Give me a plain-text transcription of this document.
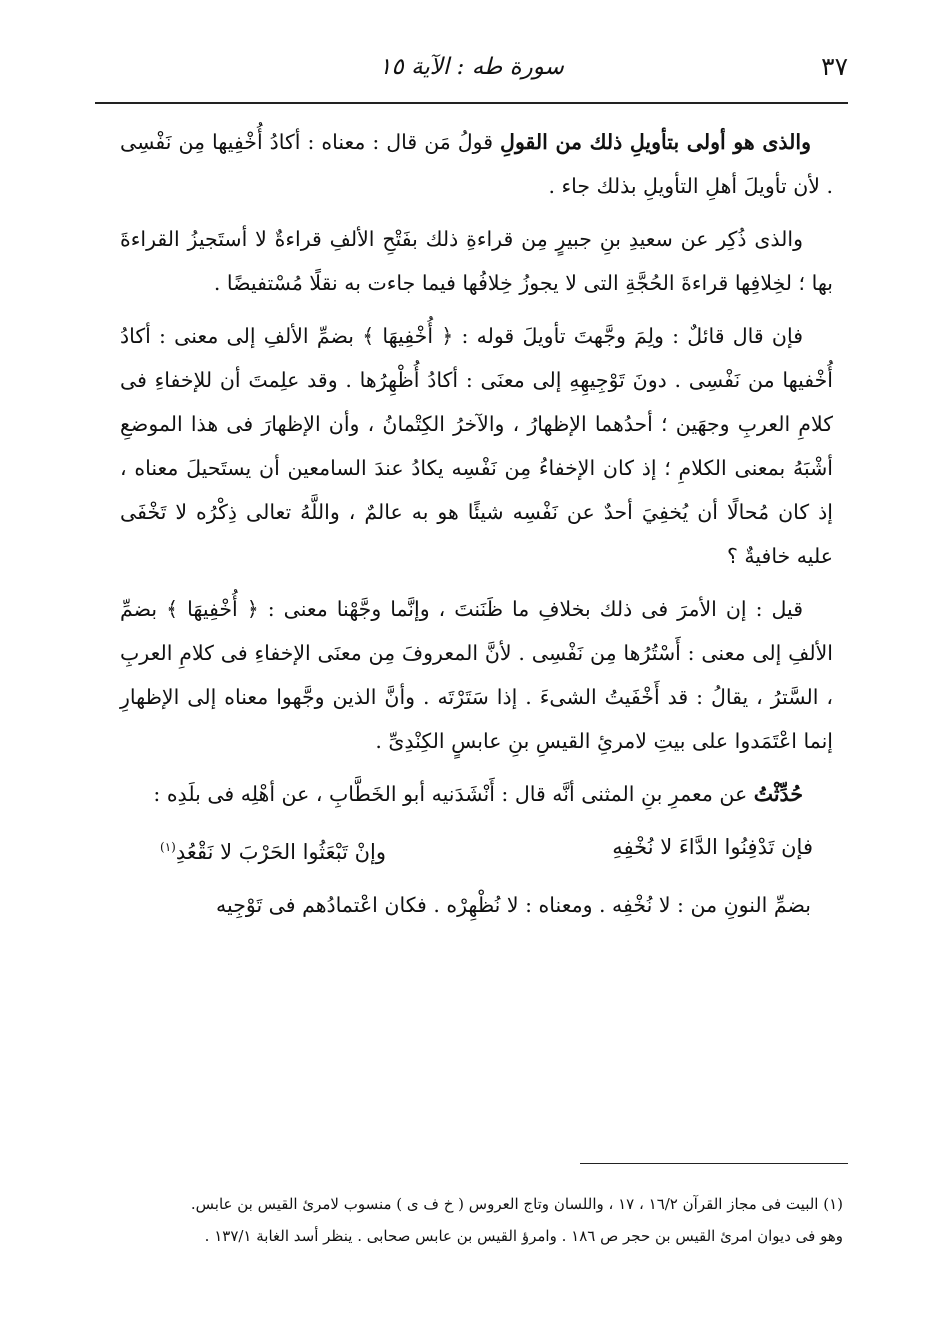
٣٧
سورة طه : الآية ١٥

والذى هو أولى بتأويلِ ذلك من القولِ قولُ مَن قال : معناه : أكادُ أُخْفِيها مِن نَفْسِى . لأن تأويلَ أهلِ التأويلِ بذلك جاء .

والذى ذُكِر عن سعيدِ بنِ جبيرٍ مِن قراءةِ ذلك بفَتْحِ الألفِ قراءةٌ لا أستَجيزُ القراءةَ بها ؛ لخِلافِها قراءةَ الحُجَّةِ التى لا يجوزُ خِلافُها فيما جاءت به نقلًا مُسْتفيضًا .

فإن قال قائلٌ : ولِمَ وجَّهتَ تأويلَ قوله : ﴿ أُخْفِيهَا ﴾ بضمِّ الألفِ إلى معنى : أكادُ أُخْفيها من نَفْسِى . دونَ تَوْجِيهِهِ إلى معنَى : أكادُ أُظْهِرُها . وقد علِمتَ أن للإخفاءِ فى كلامِ العربِ وجهَين ؛ أحدُهما الإظهارُ ، والآخرُ الكِتْمانُ ، وأن الإظهارَ فى هذا الموضعِ أشْبَهُ بمعنى الكلامِ ؛ إذ كان الإخفاءُ مِن نَفْسِه يكادُ عندَ السامعين أن يستَحيلَ معناه ، إذ كان مُحالًا أن يُخفِيَ أحدٌ عن نَفْسِه شيئًا هو به عالمٌ ، واللَّهُ تعالى ذِكْرُه لا تَخْفَى عليه خافيةٌ ؟

قيل : إن الأمرَ فى ذلك بخلافِ ما ظَنَنتَ ، وإنَّما وجَّهْنا معنى : ﴿ أُخْفِيهَا ﴾ بضمِّ الألفِ إلى معنى : أَسْتُرُها مِن نَفْسِى . لأنَّ المعروفَ مِن معنَى الإخفاءِ فى كلامِ العربِ ، السَّترُ ، يقالُ : قد أَخْفَيتُ الشىءَ . إذا سَتَرْتَه . وأنَّ الذين وجَّهوا معناه إلى الإظهارِ إنما اعْتَمَدوا على بيتِ لامرئِ القيسِ بنِ عابسٍ الكِنْدِىِّ .

حُدِّثْتُ عن معمرِ بنِ المثنى أنَّه قال : أَنْشَدَنيه أبو الخَطَّابِ ، عن أهْلِه فى بلَدِه :

فإن تَدْفِنُوا الدَّاءَ لا نُخْفِهِ
وإنْ تَبْعَثُوا الحَرْبَ لا نَقْعُدِ$^{(١)}$

بضمِّ النونِ من : لا نُخْفِه . ومعناه : لا نُظْهِرْه . فكان اعْتمادُهم فى تَوْجِيه

(١) البيت فى مجاز القرآن ١٦/٢ ، ١٧ ، واللسان وتاج العروس ( خ ف ى ) منسوب لامرئ القيس بن عابس.

وهو فى ديوان امرئ القيس بن حجر ص ١٨٦ . وامرؤ القيس بن عابس صحابى . ينظر أسد الغابة ١٣٧/١ .
